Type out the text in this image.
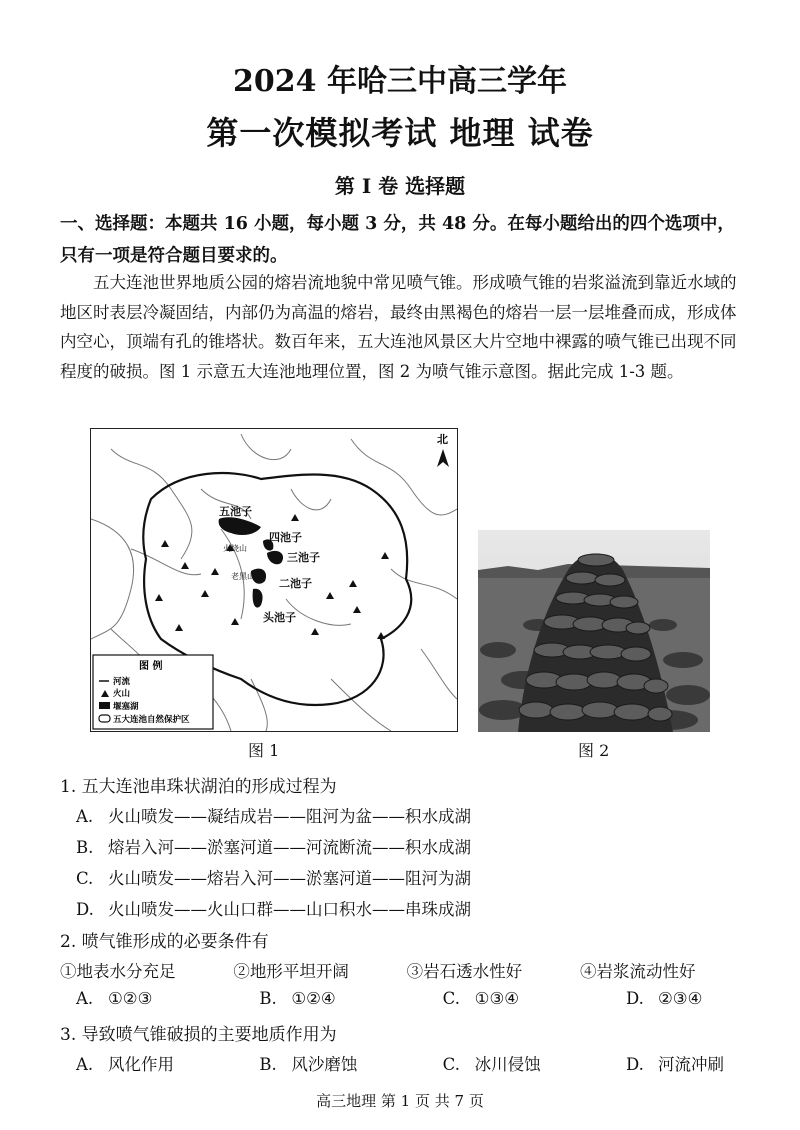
2024 年哈三中高三学年
第一次模拟考试 地理 试卷
第 I 卷 选择题
一、选择题：本题共 16 小题，每小题 3 分，共 48 分。在每小题给出的四个选项中，只有一项是符合题目要求的。
五大连池世界地质公园的熔岩流地貌中常见喷气锥。形成喷气锥的岩浆溢流到靠近水域的地区时表层冷凝固结，内部仍为高温的熔岩，最终由黑褐色的熔岩一层一层堆叠而成，形成体内空心，顶端有孔的锥塔状。数百年来，五大连池风景区大片空地中裸露的喷气锥已出现不同程度的破损。图 1 示意五大连池地理位置，图 2 为喷气锥示意图。据此完成 1-3 题。
北
五池子
四池子
三池子
二池子
头池子
火烧山
老黑山
图 例
河流
火山
堰塞湖
五大连池自然保护区
图 1	图 2
1. 五大连池串珠状湖泊的形成过程为
A. 火山喷发——凝结成岩——阻河为盆——积水成湖
B. 熔岩入河——淤塞河道——河流断流——积水成湖
C. 火山喷发——熔岩入河——淤塞河道——阻河为湖
D. 火山喷发——火山口群——山口积水——串珠成湖
2. 喷气锥形成的必要条件有
①地表水分充足	②地形平坦开阔	③岩石透水性好	④岩浆流动性好
A. ①②③	B. ①②④	C. ①③④	D. ②③④
3. 导致喷气锥破损的主要地质作用为
A. 风化作用	B. 风沙磨蚀	C. 冰川侵蚀	D. 河流冲刷
高三地理 第 1 页 共 7 页
